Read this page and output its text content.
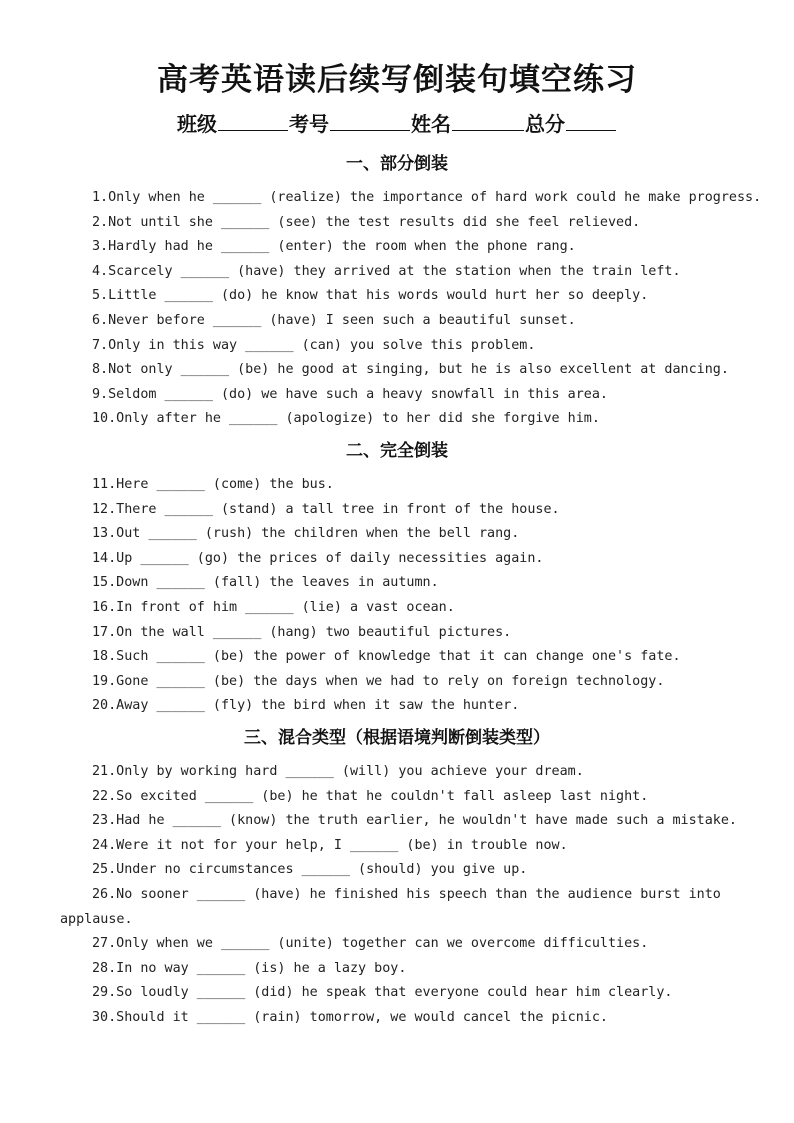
高考英语读后续写倒装句填空练习
班级	考号	姓名	总分
一、部分倒装
1.Only when he ______ (realize) the importance of hard work could he make progress.
2.Not until she ______ (see) the test results did she feel relieved.
3.Hardly had he ______ (enter) the room when the phone rang.
4.Scarcely ______ (have) they arrived at the station when the train left.
5.Little ______ (do) he know that his words would hurt her so deeply.
6.Never before ______ (have) I seen such a beautiful sunset.
7.Only in this way ______ (can) you solve this problem.
8.Not only ______ (be) he good at singing, but he is also excellent at dancing.
9.Seldom ______ (do) we have such a heavy snowfall in this area.
10.Only after he ______ (apologize) to her did she forgive him.
二、完全倒装
11.Here ______ (come) the bus.
12.There ______ (stand) a tall tree in front of the house.
13.Out ______ (rush) the children when the bell rang.
14.Up ______ (go) the prices of daily necessities again.
15.Down ______ (fall) the leaves in autumn.
16.In front of him ______ (lie) a vast ocean.
17.On the wall ______ (hang) two beautiful pictures.
18.Such ______ (be) the power of knowledge that it can change one's fate.
19.Gone ______ (be) the days when we had to rely on foreign technology.
20.Away ______ (fly) the bird when it saw the hunter.
三、混合类型（根据语境判断倒装类型）
21.Only by working hard ______ (will) you achieve your dream.
22.So excited ______ (be) he that he couldn't fall asleep last night.
23.Had he ______ (know) the truth earlier, he wouldn't have made such a mistake.
24.Were it not for your help, I ______ (be) in trouble now.
25.Under no circumstances ______ (should) you give up.
26.No sooner ______ (have) he finished his speech than the audience burst into applause.
27.Only when we ______ (unite) together can we overcome difficulties.
28.In no way ______ (is) he a lazy boy.
29.So loudly ______ (did) he speak that everyone could hear him clearly.
30.Should it ______ (rain) tomorrow, we would cancel the picnic.
